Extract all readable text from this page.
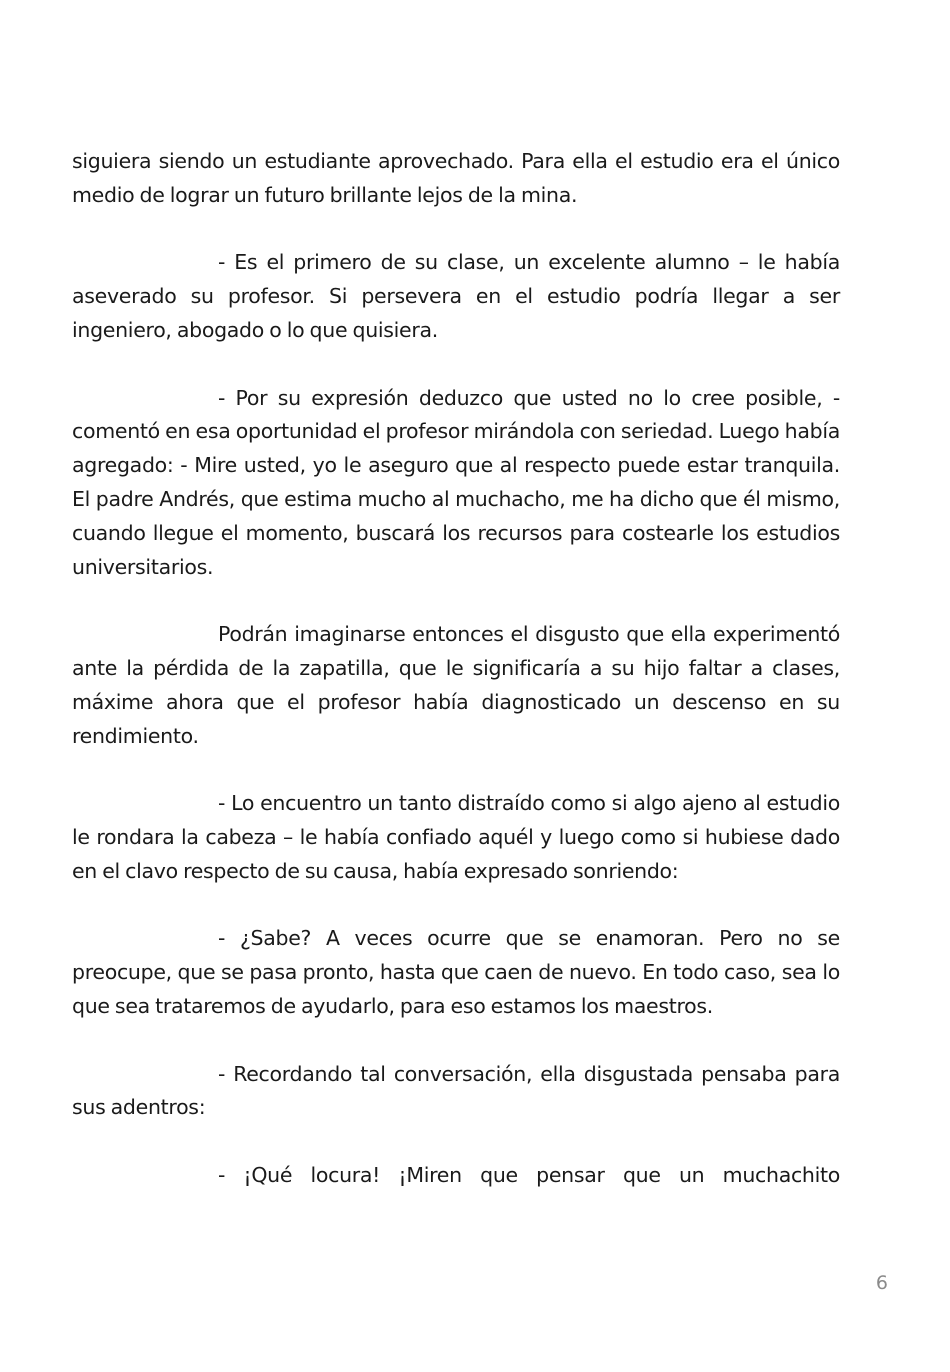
siguiera siendo un estudiante aprovechado. Para ella el estudio era el único medio de lograr un futuro brillante lejos de la mina.

- Es el primero de su clase, un excelente alumno – le había aseverado su profesor. Si persevera en el estudio podría llegar a ser ingeniero, abogado o lo que quisiera.

- Por su expresión deduzco que usted no lo cree posible, -comentó en esa oportunidad el profesor mirándola con seriedad. Luego había agregado: - Mire usted, yo le aseguro que al respecto puede estar tranquila. El padre Andrés, que estima mucho al muchacho, me ha dicho que él mismo, cuando llegue el momento, buscará los recursos para costearle los estudios universitarios.

Podrán imaginarse entonces el disgusto que ella experimentó ante la pérdida de la zapatilla, que le significaría a su hijo faltar a clases, máxime ahora que el profesor había diagnosticado un descenso en su rendimiento.

- Lo encuentro un tanto distraído como si algo ajeno al estudio le rondara la cabeza – le había confiado aquél y luego como si hubiese dado en el clavo respecto de su causa, había expresado sonriendo:

- ¿Sabe? A veces ocurre que se enamoran. Pero no se preocupe, que se pasa pronto, hasta que caen de nuevo. En todo caso, sea lo que sea trataremos de ayudarlo, para eso estamos los maestros.

- Recordando tal conversación, ella disgustada pensaba para sus adentros:

- ¡Qué locura! ¡Miren que pensar que un muchachito

6
